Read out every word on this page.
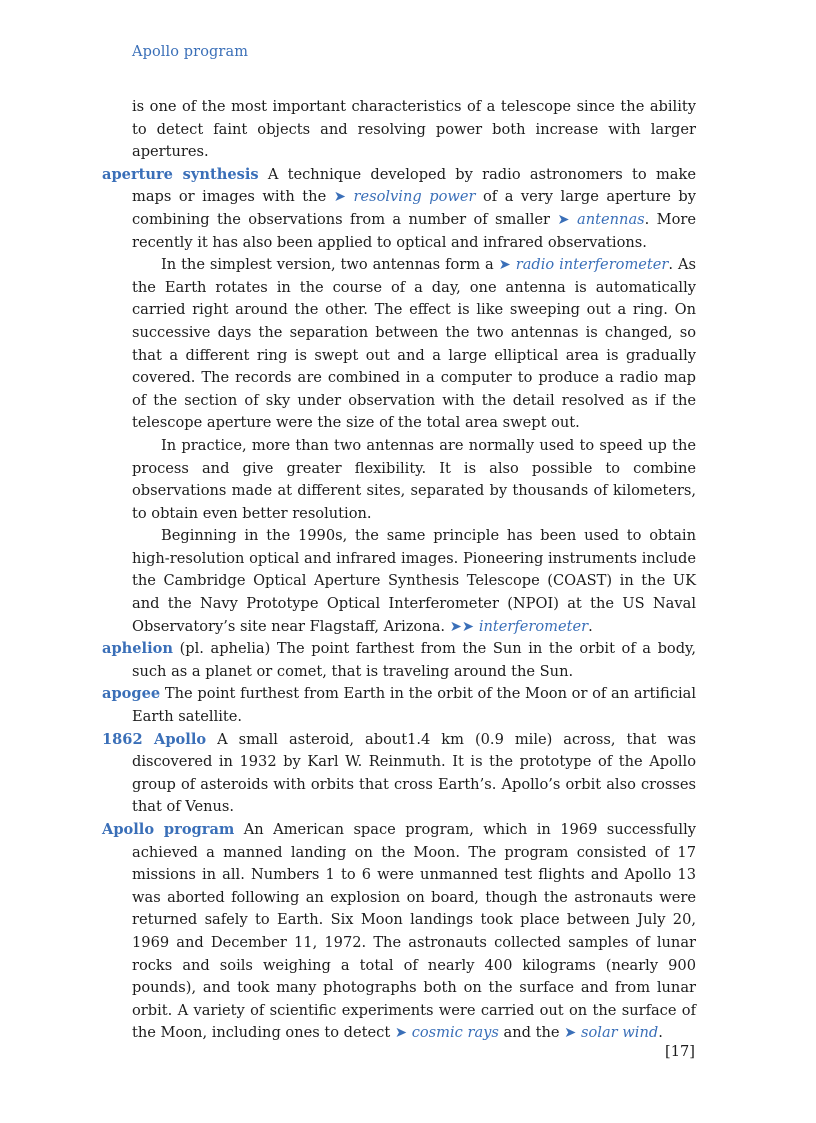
Apollo program

is one of the most important characteristics of a telescope since the ability to detect faint objects and resolving power both increase with larger apertures.

aperture synthesis A technique developed by radio astronomers to make maps or images with the ➤ resolving power of a very large aperture by combining the observations from a number of smaller ➤ antennas. More recently it has also been applied to optical and infrared observations.

In the simplest version, two antennas form a ➤ radio interferometer. As the Earth rotates in the course of a day, one antenna is automatically carried right around the other. The effect is like sweeping out a ring. On successive days the separation between the two antennas is changed, so that a different ring is swept out and a large elliptical area is gradually covered. The records are combined in a computer to produce a radio map of the section of sky under observation with the detail resolved as if the telescope aperture were the size of the total area swept out.

In practice, more than two antennas are normally used to speed up the process and give greater flexibility. It is also possible to combine observations made at different sites, separated by thousands of kilometers, to obtain even better resolution.

Beginning in the 1990s, the same principle has been used to obtain high-resolution optical and infrared images. Pioneering instruments include the Cambridge Optical Aperture Synthesis Telescope (COAST) in the UK and the Navy Prototype Optical Interferometer (NPOI) at the US Naval Observatory’s site near Flagstaff, Arizona. ➤➤ interferometer.

aphelion (pl. aphelia) The point farthest from the Sun in the orbit of a body, such as a planet or comet, that is traveling around the Sun.

apogee The point furthest from Earth in the orbit of the Moon or of an artificial Earth satellite.

1862 Apollo A small asteroid, about1.4 km (0.9 mile) across, that was discovered in 1932 by Karl W. Reinmuth. It is the prototype of the Apollo group of asteroids with orbits that cross Earth’s. Apollo’s orbit also crosses that of Venus.

Apollo program An American space program, which in 1969 successfully achieved a manned landing on the Moon. The program consisted of 17 missions in all. Numbers 1 to 6 were unmanned test flights and Apollo 13 was aborted following an explosion on board, though the astronauts were returned safely to Earth. Six Moon landings took place between July 20, 1969 and December 11, 1972. The astronauts collected samples of lunar rocks and soils weighing a total of nearly 400 kilograms (nearly 900 pounds), and took many photographs both on the surface and from lunar orbit. A variety of scientific experiments were carried out on the surface of the Moon, including ones to detect ➤ cosmic rays and the ➤ solar wind.

[17]
